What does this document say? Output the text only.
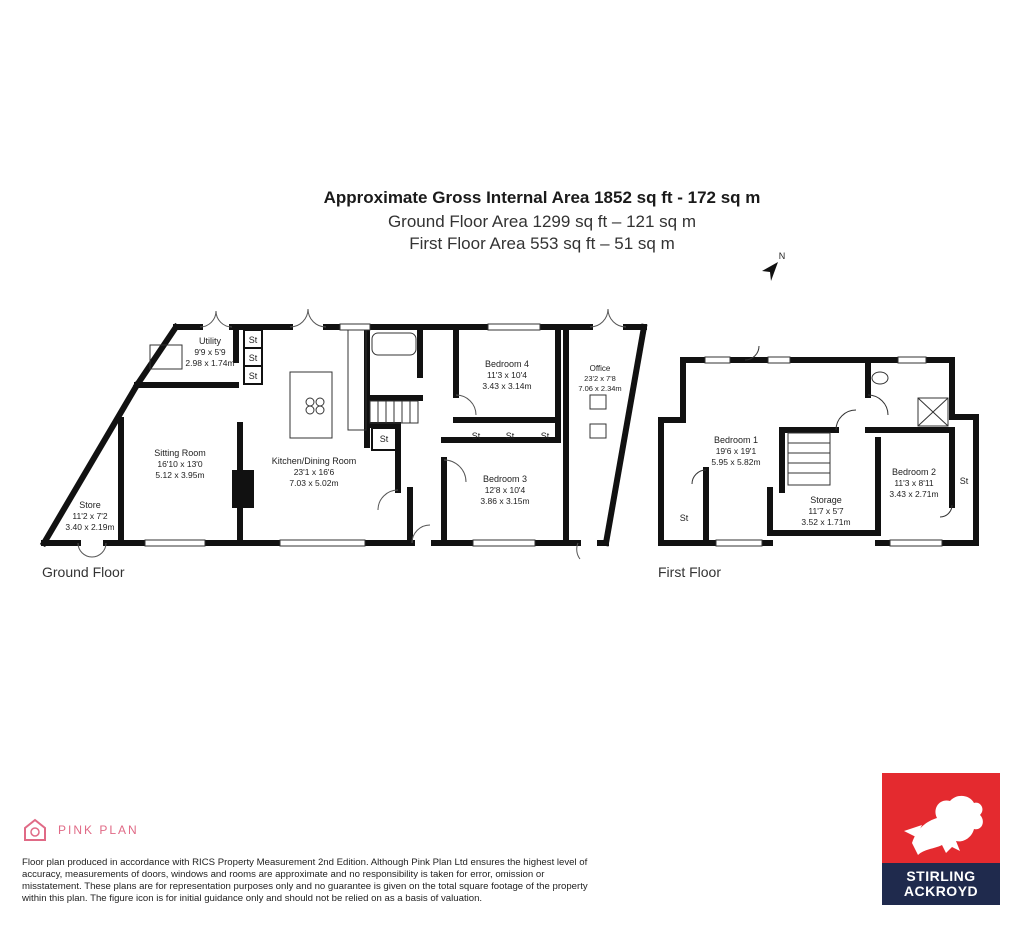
Approximate Gross Internal Area 1852 sq ft - 172 sq m
Ground Floor Area 1299 sq ft – 121 sq m
First Floor Area 553 sq ft – 51 sq m
N
Utility
9'9 x 5'9
2.98 x 1.74m
Sitting Room
16'10 x 13'0
5.12 x 3.95m
Store
11'2 x 7'2
3.40 x 2.19m
Kitchen/Dining Room
23'1 x 16'6
7.03 x 5.02m
Bedroom 4
11'3 x 10'4
3.43 x 3.14m
Bedroom 3
12'8 x 10'4
3.86 x 3.15m
Office
23'2 x 7'8
7.06 x 2.34m
Bedroom 1
19'6 x 19'1
5.95 x 5.82m
Storage
11'7 x 5'7
3.52 x 1.71m
Bedroom 2
11'3 x 8'11
3.43 x 2.71m
St
St
St
St	St	St	St
St
St
Ground Floor	First Floor
PINK PLAN
Floor plan produced in accordance with RICS Property Measurement 2nd Edition. Although Pink Plan Ltd ensures the highest level of accuracy, measurements of doors, windows and rooms are approximate and no responsibility is taken for error, omission or misstatement. These plans are for representation purposes only and no guarantee is given on the total square footage of the property within this plan. The figure icon is for initial guidance only and should not be relied on as a basis of valuation.
STIRLING
ACKROYD
